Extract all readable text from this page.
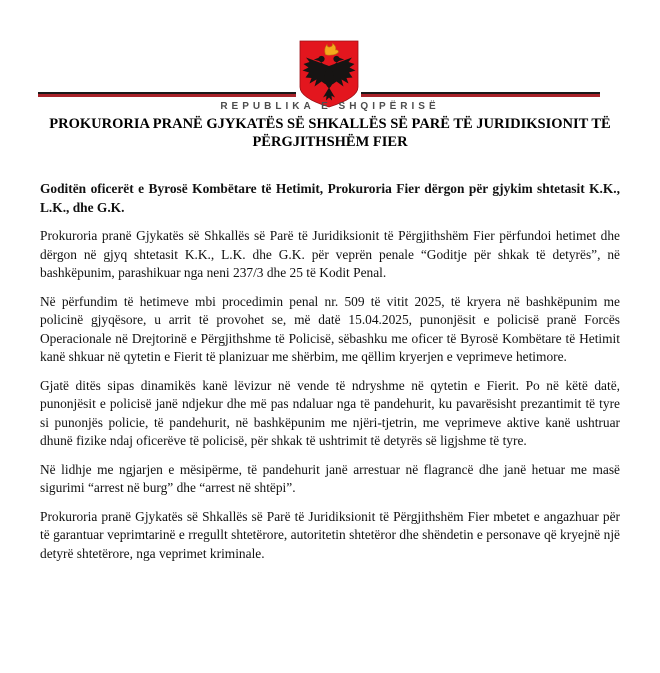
REPUBLIKA E SHQIPËRISË
PROKURORIA PRANË GJYKATËS SË SHKALLËS SË PARË TË JURIDIKSIONIT TË PËRGJITHSHËM FIER

Goditën oficerët e Byrosë Kombëtare të Hetimit, Prokuroria Fier dërgon për gjykim shtetasit K.K., L.K., dhe G.K.

Prokuroria pranë Gjykatës së Shkallës së Parë të Juridiksionit të Përgjithshëm Fier përfundoi hetimet dhe dërgon në gjyq shtetasit K.K., L.K. dhe G.K. për veprën penale “Goditje për shkak të detyrës”, në bashkëpunim, parashikuar nga neni 237/3 dhe 25 të Kodit Penal.

Në përfundim të hetimeve mbi procedimin penal nr. 509 të vitit 2025, të kryera në bashkëpunim me policinë gjyqësore, u arrit të provohet se, më datë 15.04.2025, punonjësit e policisë pranë Forcës Operacionale në Drejtorinë e Përgjithshme të Policisë, sëbashku me oficer të Byrosë Kombëtare të Hetimit kanë shkuar në qytetin e Fierit të planizuar me shërbim, me qëllim kryerjen e veprimeve hetimore.

Gjatë ditës sipas dinamikës kanë lëvizur në vende të ndryshme në qytetin e Fierit. Po në këtë datë, punonjësit e policisë janë ndjekur dhe më pas ndaluar nga të pandehurit, ku pavarësisht prezantimit të tyre si punonjës policie, të pandehurit, në bashkëpunim me njëri-tjetrin, me veprimeve aktive kanë ushtruar dhunë fizike ndaj oficerëve të policisë, për shkak të ushtrimit të detyrës së ligjshme të tyre.

Në lidhje me ngjarjen e mësipërme, të pandehurit janë arrestuar në flagrancë dhe janë hetuar me masë sigurimi “arrest në burg” dhe “arrest në shtëpi”.

Prokuroria pranë Gjykatës së Shkallës së Parë të Juridiksionit të Përgjithshëm Fier mbetet e angazhuar për të garantuar veprimtarinë e rregullt shtetërore, autoritetin shtetëror dhe shëndetin e personave që kryejnë një detyrë shtetërore, nga veprimet kriminale.
